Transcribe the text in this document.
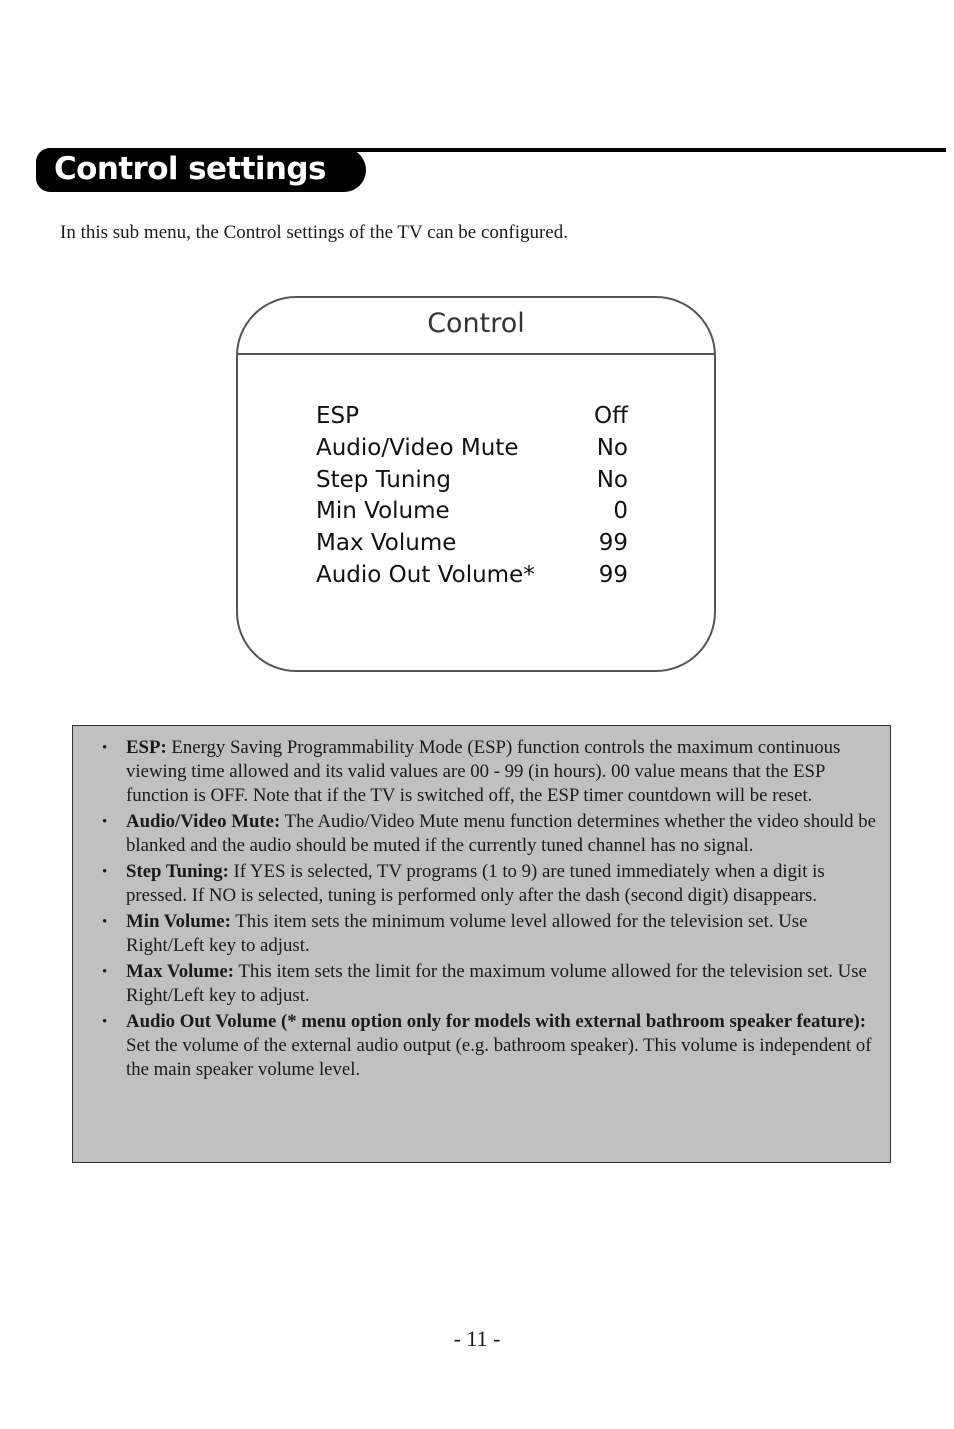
Control settings
In this sub menu, the Control settings of the TV can be configured.
Control
ESP	Off
Audio/Video Mute	No
Step Tuning	No
Min Volume	0
Max Volume	99
Audio Out Volume*	99
• ESP: Energy Saving Programmability Mode (ESP) function controls the maximum continuous viewing time allowed and its valid values are 00 - 99 (in hours). 00 value means that the ESP function is OFF. Note that if the TV is switched off, the ESP timer countdown will be reset.
• Audio/Video Mute: The Audio/Video Mute menu function determines whether the video should be blanked and the audio should be muted if the currently tuned channel has no signal.
• Step Tuning: If YES is selected, TV programs (1 to 9) are tuned immediately when a digit is pressed. If NO is selected, tuning is performed only after the dash (second digit) disappears.
• Min Volume: This item sets the minimum volume level allowed for the television set. Use Right/Left key to adjust.
• Max Volume: This item sets the limit for the maximum volume allowed for the television set. Use Right/Left key to adjust.
• Audio Out Volume (* menu option only for models with external bathroom speaker feature): Set the volume of the external audio output (e.g. bathroom speaker). This volume is independent of the main speaker volume level.
- 11 -
